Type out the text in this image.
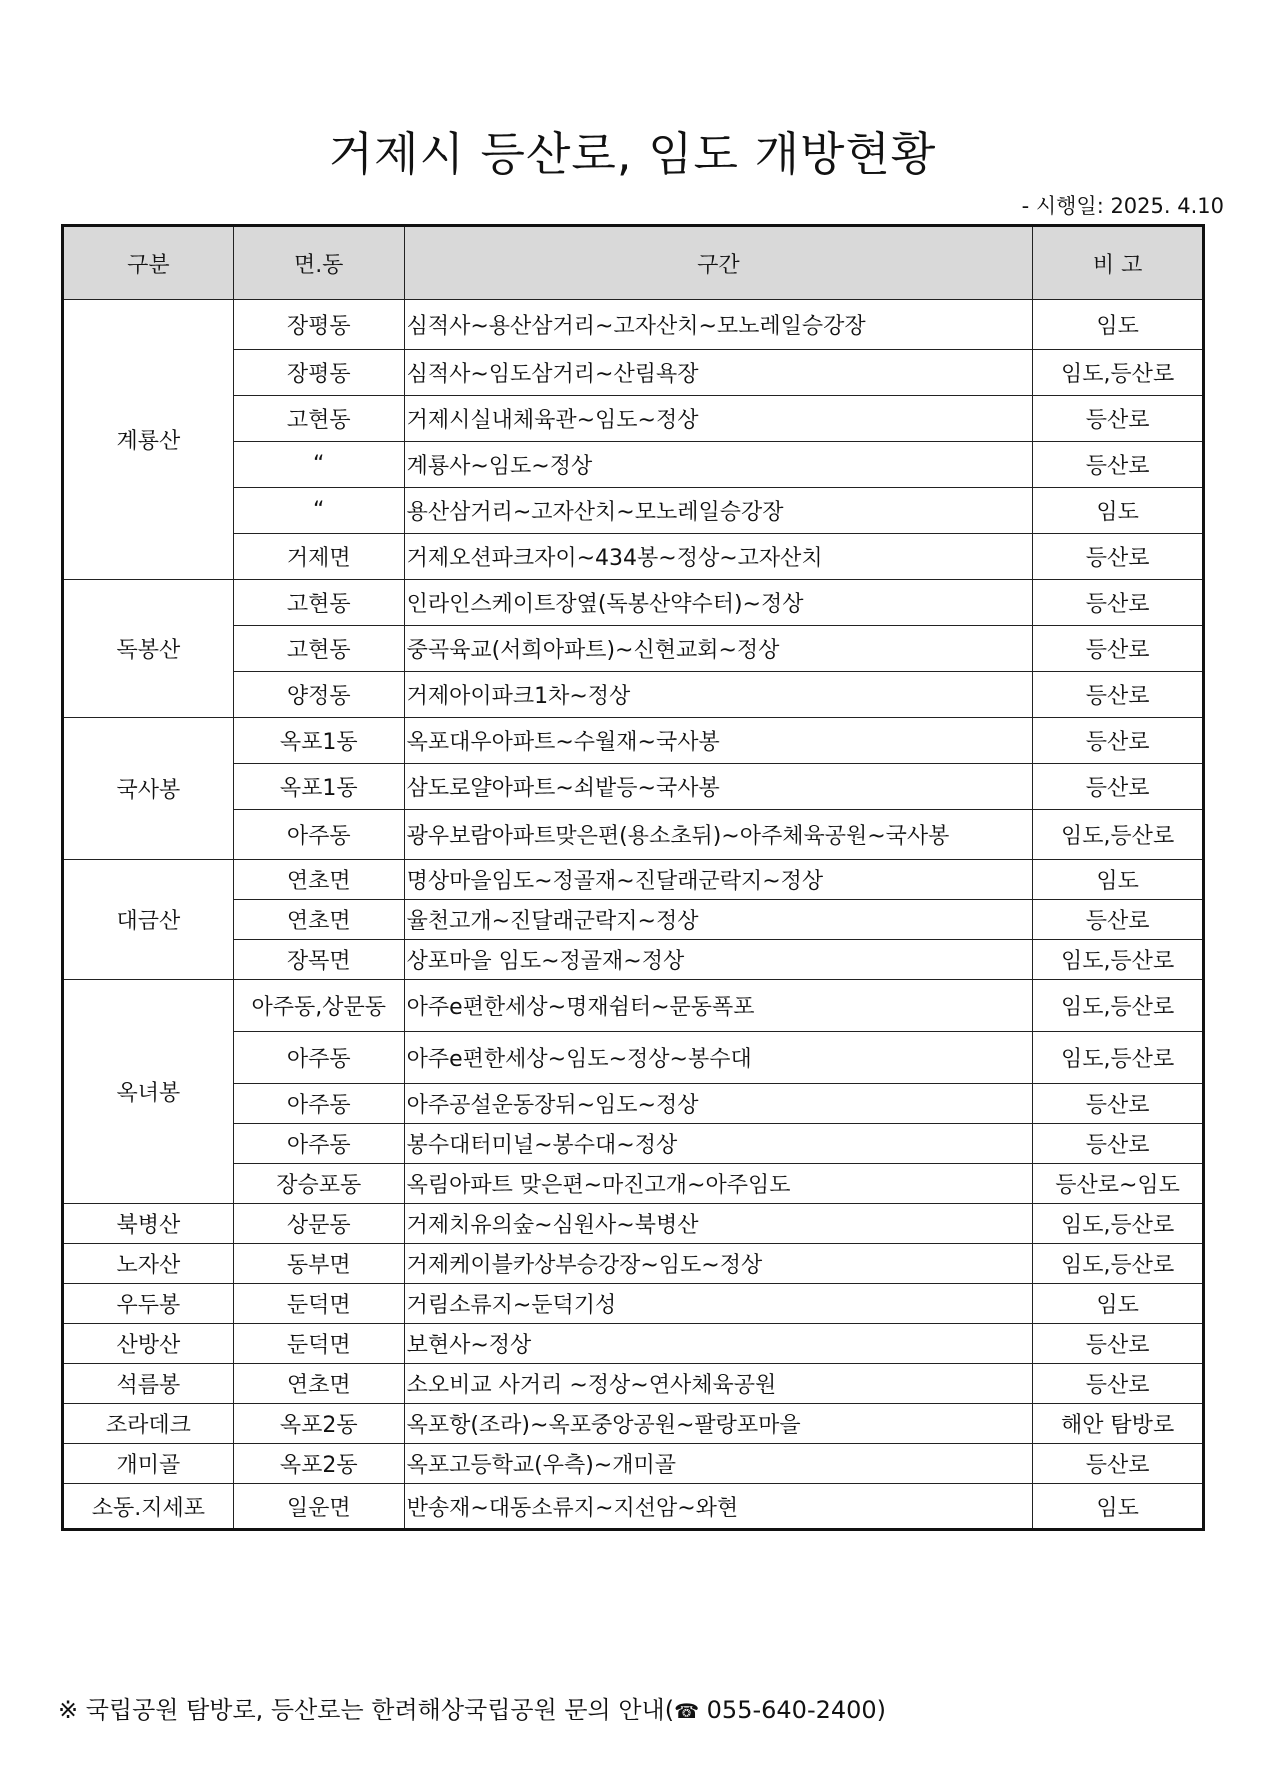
거제시 등산로, 임도 개방현황
- 시행일: 2025. 4.10
구분	면.동	구간	비 고
계룡산	장평동	심적사~용산삼거리~고자산치~모노레일승강장	임도
	장평동	심적사~임도삼거리~산림욕장	임도,등산로
	고현동	거제시실내체육관~임도~정상	등산로
	“	계룡사~임도~정상	등산로
	“	용산삼거리~고자산치~모노레일승강장	임도
	거제면	거제오션파크자이~434봉~정상~고자산치	등산로
독봉산	고현동	인라인스케이트장옆(독봉산약수터)~정상	등산로
	고현동	중곡육교(서희아파트)~신현교회~정상	등산로
	양정동	거제아이파크1차~정상	등산로
국사봉	옥포1동	옥포대우아파트~수월재~국사봉	등산로
	옥포1동	삼도로얄아파트~쇠밭등~국사봉	등산로
	아주동	광우보람아파트맞은편(용소초뒤)~아주체육공원~국사봉	임도,등산로
대금산	연초면	명상마을임도~정골재~진달래군락지~정상	임도
	연초면	율천고개~진달래군락지~정상	등산로
	장목면	상포마을 임도~정골재~정상	임도,등산로
옥녀봉	아주동,상문동	아주e편한세상~명재쉼터~문동폭포	임도,등산로
	아주동	아주e편한세상~임도~정상~봉수대	임도,등산로
	아주동	아주공설운동장뒤~임도~정상	등산로
	아주동	봉수대터미널~봉수대~정상	등산로
	장승포동	옥림아파트 맞은편~마진고개~아주임도	등산로~임도
북병산	상문동	거제치유의숲~심원사~북병산	임도,등산로
노자산	동부면	거제케이블카상부승강장~임도~정상	임도,등산로
우두봉	둔덕면	거림소류지~둔덕기성	임도
산방산	둔덕면	보현사~정상	등산로
석름봉	연초면	소오비교 사거리 ~정상~연사체육공원	등산로
조라데크	옥포2동	옥포항(조라)~옥포중앙공원~팔랑포마을	해안 탐방로
개미골	옥포2동	옥포고등학교(우측)~개미골	등산로
소동.지세포	일운면	반송재~대동소류지~지선암~와현	임도
※ 국립공원 탐방로, 등산로는 한려해상국립공원 문의 안내(☎ 055-640-2400)
